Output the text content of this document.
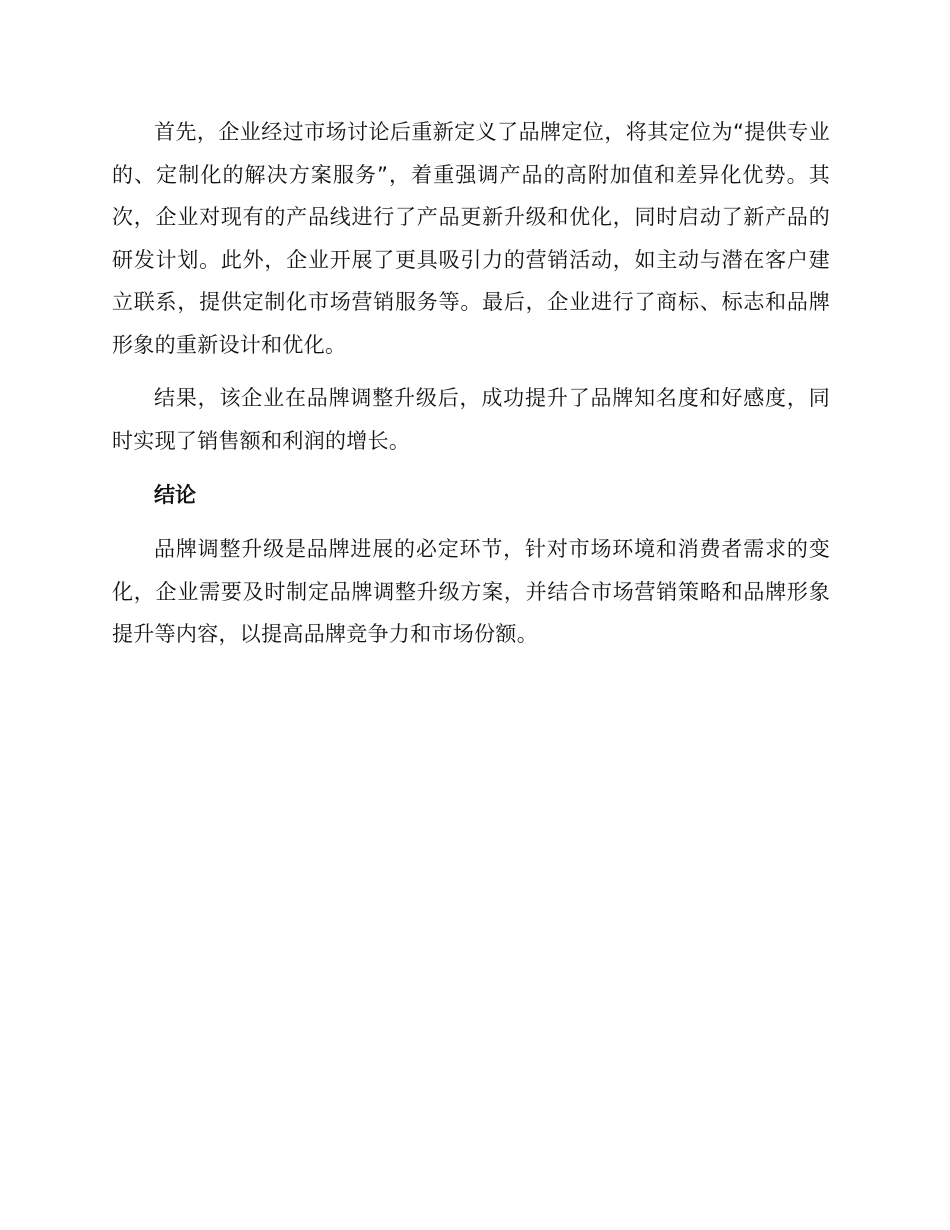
首先，企业经过市场讨论后重新定义了品牌定位，将其定位为“提供专业的、定制化的解决方案服务”，着重强调产品的高附加值和差异化优势。其次，企业对现有的产品线进行了产品更新升级和优化，同时启动了新产品的研发计划。此外，企业开展了更具吸引力的营销活动，如主动与潜在客户建立联系，提供定制化市场营销服务等。最后，企业进行了商标、标志和品牌形象的重新设计和优化。

结果，该企业在品牌调整升级后，成功提升了品牌知名度和好感度，同时实现了销售额和利润的增长。

结论

品牌调整升级是品牌进展的必定环节，针对市场环境和消费者需求的变化，企业需要及时制定品牌调整升级方案，并结合市场营销策略和品牌形象提升等内容，以提高品牌竞争力和市场份额。
